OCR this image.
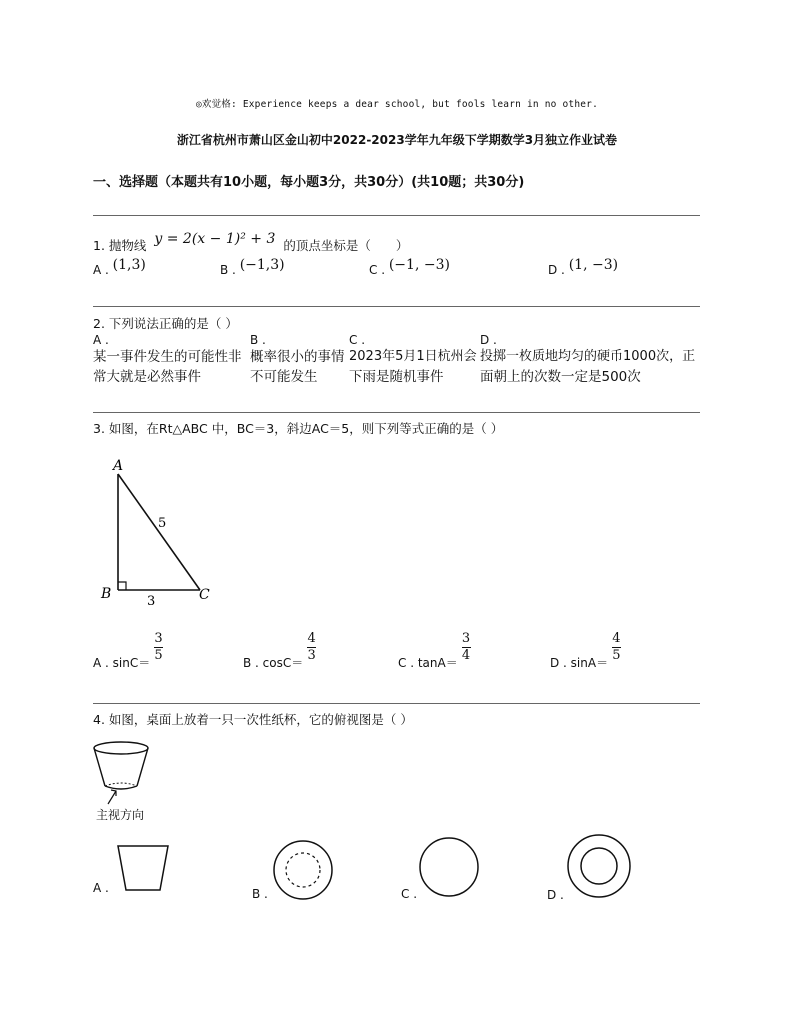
◎欢觉格: Experience keeps a dear school, but fools learn in no other.
浙江省杭州市萧山区金山初中2022-2023学年九年级下学期数学3月独立作业试卷
一、选择题（本题共有10小题，每小题3分，共30分）(共10题；共30分)
1. 抛物线 y = 2(x − 1)² + 3 的顶点坐标是（　　）
A . (1,3)	B . (−1,3)	C . (−1, −3)	D . (1, −3)
2. 下列说法正确的是（ ）
A .
某一事件发生的可能性非
常大就是必然事件
B .
概率很小的事情
不可能发生
C .
2023年5月1日杭州会
下雨是随机事件
D .
投掷一枚质地均匀的硬币1000次，正
面朝上的次数一定是500次
3. 如图，在Rt△ABC 中，BC＝3，斜边AC＝5，则下列等式正确的是（ ）
A
B	C
5
3
A . $\sin C= \frac{3}{5}$	B . $\cos C= \frac{4}{3}$	C . $\tan A= \frac{3}{4}$	D . $\sin A= \frac{4}{5}$
4. 如图，桌面上放着一只一次性纸杯，它的俯视图是（ ）
主视方向
A .	B .	C .	D .
